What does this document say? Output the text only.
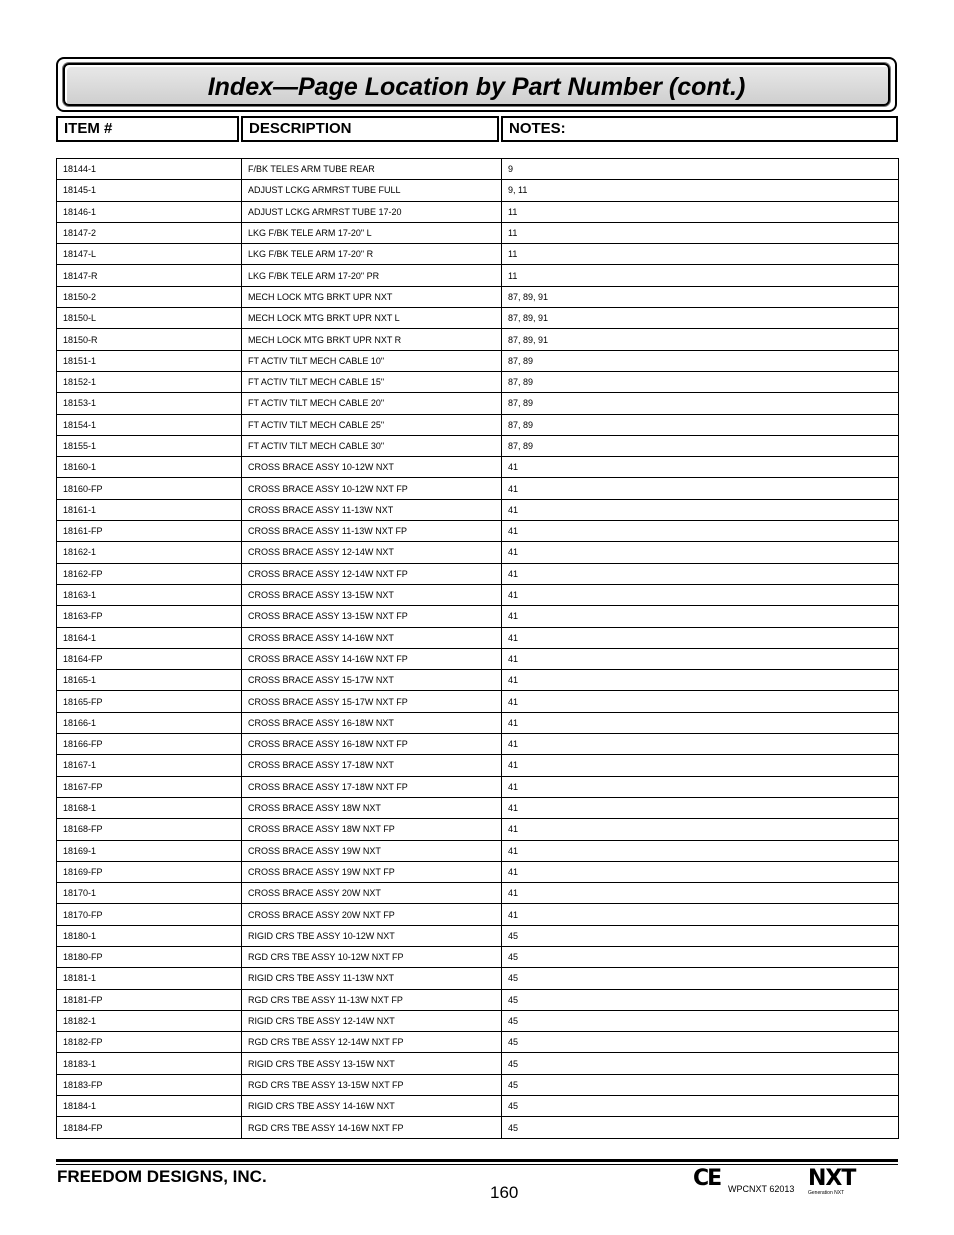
Index—Page Location by Part Number (cont.)
ITEM #	DESCRIPTION	NOTES:
18144-1	F/BK TELES ARM TUBE REAR	9
18145-1	ADJUST LCKG ARMRST TUBE FULL	9, 11
18146-1	ADJUST LCKG ARMRST TUBE 17-20	11
18147-2	LKG F/BK TELE ARM 17-20" L	11
18147-L	LKG F/BK TELE ARM 17-20" R	11
18147-R	LKG F/BK TELE ARM 17-20" PR	11
18150-2	MECH LOCK MTG BRKT UPR NXT	87, 89, 91
18150-L	MECH LOCK MTG BRKT UPR NXT L	87, 89, 91
18150-R	MECH LOCK MTG BRKT UPR NXT R	87, 89, 91
18151-1	FT ACTIV TILT MECH CABLE 10"	87, 89
18152-1	FT ACTIV TILT MECH CABLE 15"	87, 89
18153-1	FT ACTIV TILT MECH CABLE 20"	87, 89
18154-1	FT ACTIV TILT MECH CABLE 25"	87, 89
18155-1	FT ACTIV TILT MECH CABLE 30"	87, 89
18160-1	CROSS BRACE ASSY 10-12W NXT	41
18160-FP	CROSS BRACE ASSY 10-12W NXT FP	41
18161-1	CROSS BRACE ASSY 11-13W NXT	41
18161-FP	CROSS BRACE ASSY 11-13W NXT FP	41
18162-1	CROSS BRACE ASSY 12-14W NXT	41
18162-FP	CROSS BRACE ASSY 12-14W NXT FP	41
18163-1	CROSS BRACE ASSY 13-15W NXT	41
18163-FP	CROSS BRACE ASSY 13-15W NXT FP	41
18164-1	CROSS BRACE ASSY 14-16W NXT	41
18164-FP	CROSS BRACE ASSY 14-16W NXT FP	41
18165-1	CROSS BRACE ASSY 15-17W NXT	41
18165-FP	CROSS BRACE ASSY 15-17W NXT FP	41
18166-1	CROSS BRACE ASSY 16-18W NXT	41
18166-FP	CROSS BRACE ASSY 16-18W NXT FP	41
18167-1	CROSS BRACE ASSY 17-18W NXT	41
18167-FP	CROSS BRACE ASSY 17-18W NXT FP	41
18168-1	CROSS BRACE ASSY 18W NXT	41
18168-FP	CROSS BRACE ASSY 18W NXT FP	41
18169-1	CROSS BRACE ASSY 19W NXT	41
18169-FP	CROSS BRACE ASSY 19W NXT FP	41
18170-1	CROSS BRACE ASSY 20W NXT	41
18170-FP	CROSS BRACE ASSY 20W NXT FP	41
18180-1	RIGID CRS TBE ASSY 10-12W NXT	45
18180-FP	RGD CRS TBE ASSY 10-12W NXT FP	45
18181-1	RIGID CRS TBE ASSY 11-13W NXT	45
18181-FP	RGD CRS TBE ASSY 11-13W NXT FP	45
18182-1	RIGID CRS TBE ASSY 12-14W NXT	45
18182-FP	RGD CRS TBE ASSY 12-14W NXT FP	45
18183-1	RIGID CRS TBE ASSY 13-15W NXT	45
18183-FP	RGD CRS TBE ASSY 13-15W NXT FP	45
18184-1	RIGID CRS TBE ASSY 14-16W NXT	45
18184-FP	RGD CRS TBE ASSY 14-16W NXT FP	45
FREEDOM DESIGNS, INC.
160
CE WPCNXT 62013 NXT
Generation NXT
